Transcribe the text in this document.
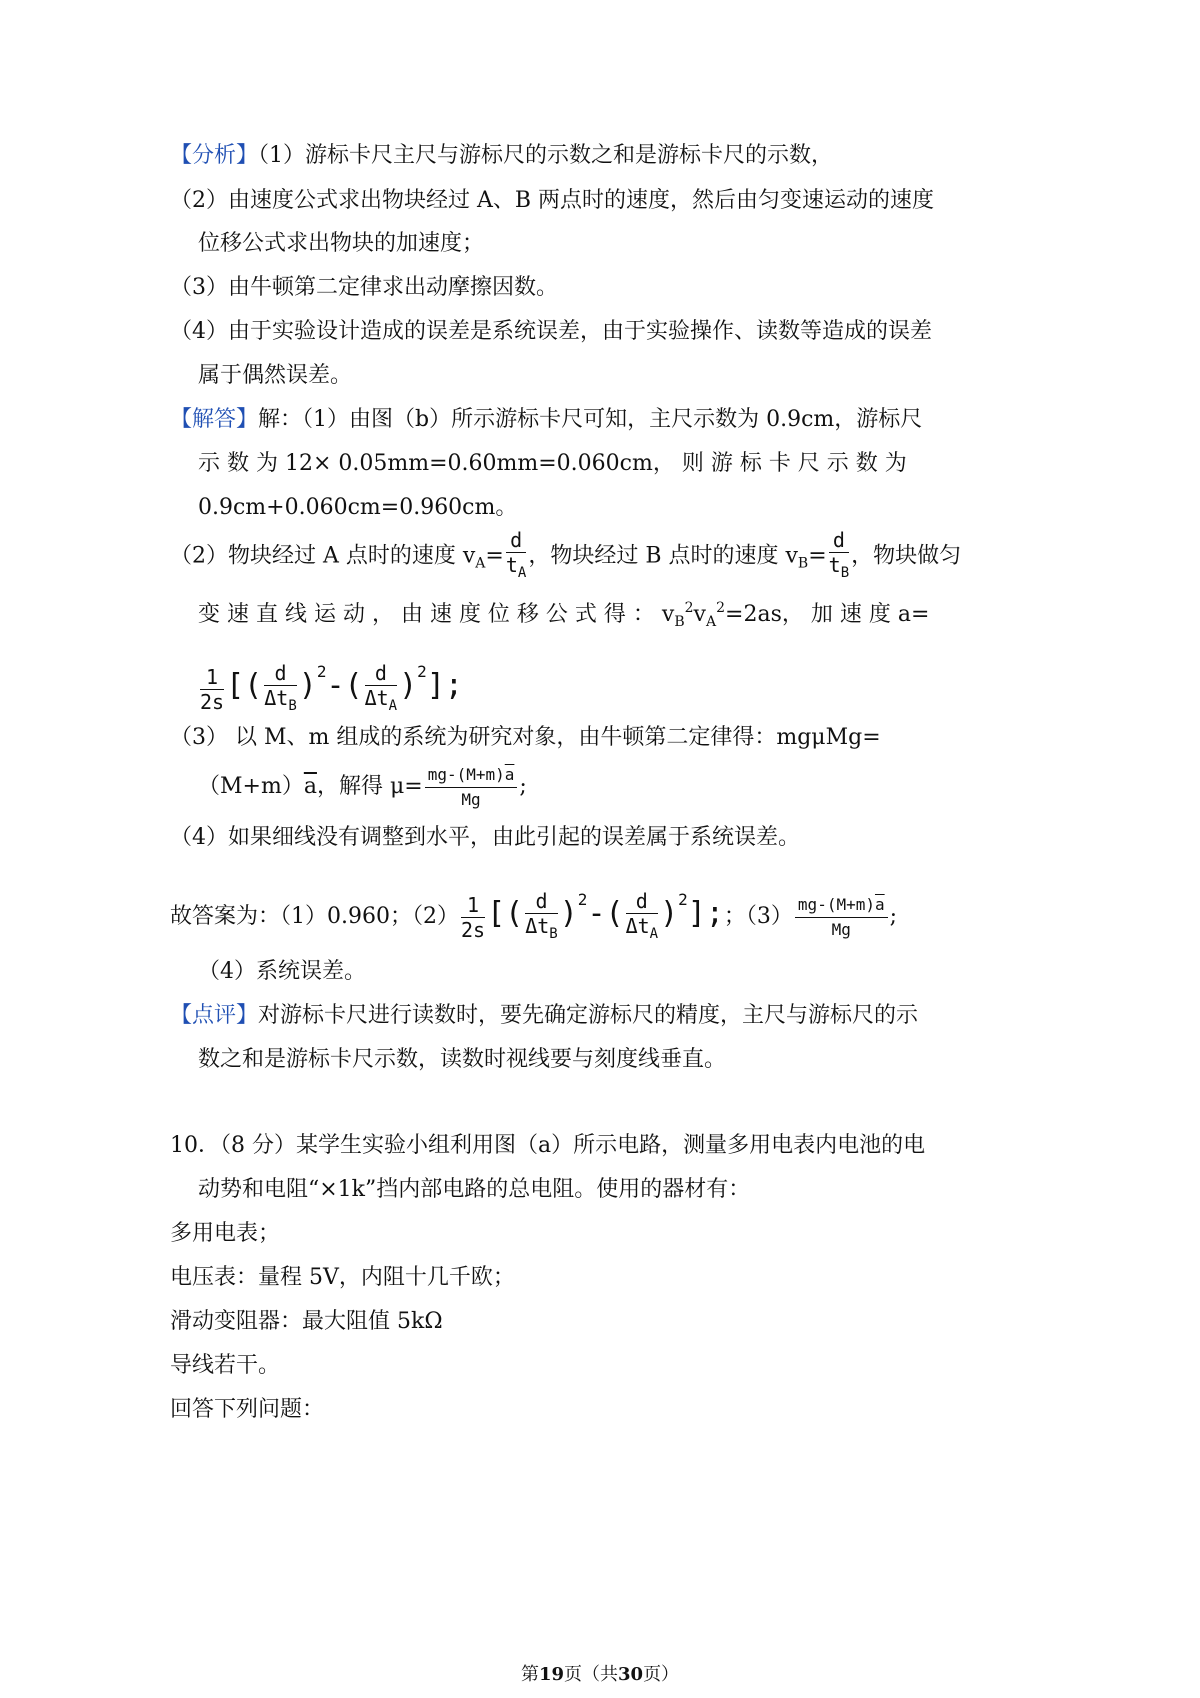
【分析】（1）游标卡尺主尺与游标尺的示数之和是游标卡尺的示数，
（2）由速度公式求出物块经过 A、B 两点时的速度，然后由匀变速运动的速度
位移公式求出物块的加速度；
（3）由牛顿第二定律求出动摩擦因数。
（4）由于实验设计造成的误差是系统误差，由于实验操作、读数等造成的误差
属于偶然误差。
【解答】解：（1）由图（b）所示游标卡尺可知，主尺示数为 0.9cm，游标尺
示 数 为 12× 0.05mm=0.60mm=0.060cm， 则 游 标 卡 尺 示 数 为
0.9cm+0.060cm=0.960cm。
（2）物块经过 A 点时的速度 $v_A= \frac{d}{t_A}$ ，物块经过 B 点时的速度 $v_B= \frac{d}{t_B}$ ，物块做匀
变 速 直 线 运 动 ， 由 速 度 位 移 公 式 得 ： $v_B^2v_A^2=2as$， 加 速 度 a=
$\frac{1}{2s}$ [( $\frac{d}{\Delta t_B} )^2-( \frac{d}{\Delta t_A} )^2$];
（3） 以 M、m 组成的系统为研究对象，由牛顿第二定律得：mgμMg=
$(M+m)\overline{a}$，解得 $\mu= \frac{mg-(M+m)\overline{a}}{Mg}$ ;
（4）如果细线没有调整到水平，由此引起的误差属于系统误差。
故答案为：（1）0.960；$(2) \frac{1}{2s}$ [( $\frac{d}{\Delta t_B} )^2-( \frac{d}{\Delta t_A} )^2$];；$(3) \frac{mg-(M+m)\overline{a}}{Mg}$ ;
（4）系统误差。
【点评】对游标卡尺进行读数时，要先确定游标尺的精度，主尺与游标尺的示
数之和是游标卡尺示数，读数时视线要与刻度线垂直。
10．（8 分）某学生实验小组利用图（a）所示电路，测量多用电表内电池的电
动势和电阻“×1k”挡内部电路的总电阻。使用的器材有：
多用电表；
电压表：量程 5V，内阻十几千欧；
滑动变阻器：最大阻值 5kΩ
导线若干。
回答下列问题：
第19页（共30页）
